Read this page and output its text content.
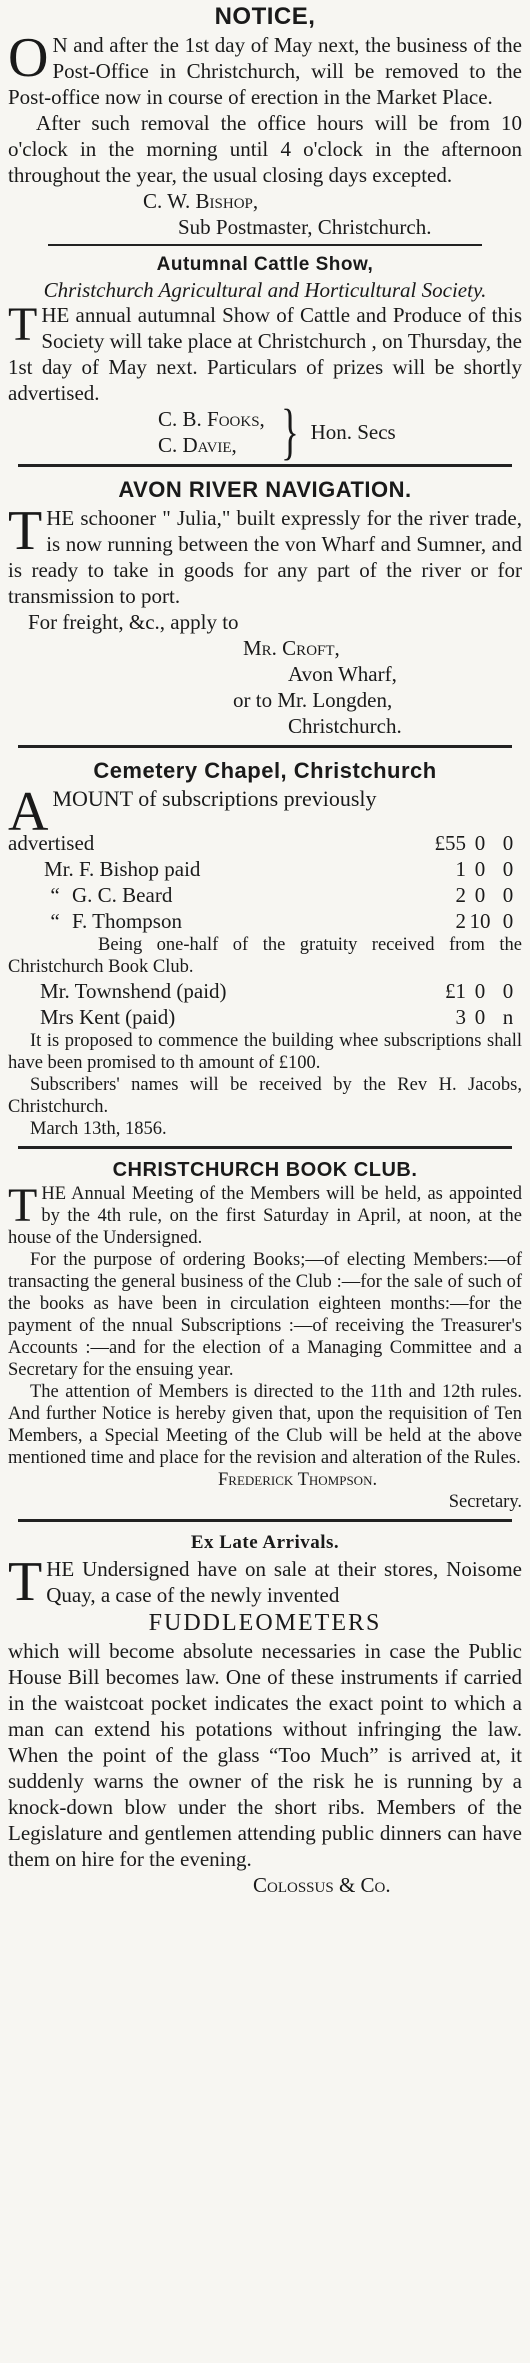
NOTICE,

O N and after the 1st day of May next, the business of the Post-Office in Christchurch, will be removed to the Post-office now in course of erection in the Market Place.

After such removal the office hours will be from 10 o'clock in the morning until 4 o'clock in the afternoon throughout the year, the usual closing days excepted.

C. W. Bishop,

Sub Postmaster, Christchurch.

Autumnal Cattle Show,

Christchurch Agricultural and Horticultural Society.

THE annual autumnal Show of Cattle and Produce of this Society will take place at Christchurch , on Thursday, the 1st day of May next. Particulars of prizes will be shortly advertised.

C. B. Fooks,
C. Davie, } Hon. Secs
AVON RIVER NAVIGATION.

THE schooner " Julia," built expressly for the river trade, is now running between the von Wharf and Sumner, and is ready to take in goods for any part of the river or for transmission to port.

For freight, &c., apply to

Mr. Croft,

Avon Wharf,

or to Mr. Longden,

Christchurch.

Cemetery Chapel, Christchurch

AMOUNT of subscriptions previously

advertised	£55	0	0
Mr. F. Bishop paid	1	0	0
“ G. C. Beard	2	0	0
“ F. Thompson	2	10	0

Being one-half of the gratuity received from the Christchurch Book Club.

Mr. Townshend (paid)	£1	0	0
Mrs Kent (paid)	3	0	n

It is proposed to commence the building whee subscriptions shall have been promised to th amount of £100.

Subscribers' names will be received by the Rev H. Jacobs, Christchurch.

March 13th, 1856.

CHRISTCHURCH BOOK CLUB.

THE Annual Meeting of the Members will be held, as appointed by the 4th rule, on the first Saturday in April, at noon, at the house of the Undersigned.

For the purpose of ordering Books;—of electing Members:—of transacting the general business of the Club :—for the sale of such of the books as have been in circulation eighteen months:—for the payment of the nnual Subscriptions :—of receiving the Treasurer's Accounts :—and for the election of a Managing Committee and a Secretary for the ensuing year.

The attention of Members is directed to the 11th and 12th rules. And further Notice is hereby given that, upon the requisition of Ten Members, a Special Meeting of the Club will be held at the above mentioned time and place for the revision and alteration of the Rules.

Frederick Thompson.

Secretary.

Ex Late Arrivals.

THE Undersigned have on sale at their stores, Noisome Quay, a case of the newly invented

FUDDLEOMETERS

which will become absolute necessaries in case the Public House Bill becomes law. One of these instruments if carried in the waistcoat pocket indicates the exact point to which a man can extend his potations without infringing the law. When the point of the glass “Too Much” is arrived at, it suddenly warns the owner of the risk he is running by a knock-down blow under the short ribs. Members of the Legislature and gentlemen attending public dinners can have them on hire for the evening.

Colossus & Co.
